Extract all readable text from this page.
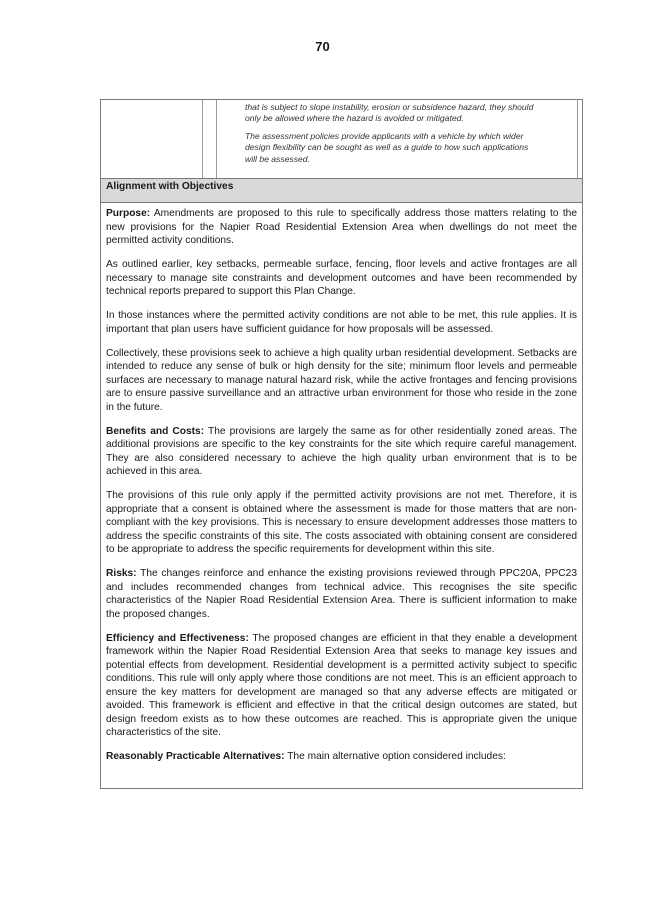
70

that is subject to slope instability, erosion or subsidence hazard, they should only be allowed where the hazard is avoided or mitigated.

The assessment policies provide applicants with a vehicle by which wider design flexibility can be sought as well as a guide to how such applications will be assessed.

Alignment with Objectives

Purpose: Amendments are proposed to this rule to specifically address those matters relating to the new provisions for the Napier Road Residential Extension Area when dwellings do not meet the permitted activity conditions.

As outlined earlier, key setbacks, permeable surface, fencing, floor levels and active frontages are all necessary to manage site constraints and development outcomes and have been recommended by technical reports prepared to support this Plan Change.

In those instances where the permitted activity conditions are not able to be met, this rule applies. It is important that plan users have sufficient guidance for how proposals will be assessed.

Collectively, these provisions seek to achieve a high quality urban residential development. Setbacks are intended to reduce any sense of bulk or high density for the site; minimum floor levels and permeable surfaces are necessary to manage natural hazard risk, while the active frontages and fencing provisions are to ensure passive surveillance and an attractive urban environment for those who reside in the zone in the future.

Benefits and Costs: The provisions are largely the same as for other residentially zoned areas. The additional provisions are specific to the key constraints for the site which require careful management. They are also considered necessary to achieve the high quality urban environment that is to be achieved in this area.

The provisions of this rule only apply if the permitted activity provisions are not met. Therefore, it is appropriate that a consent is obtained where the assessment is made for those matters that are non-compliant with the key provisions. This is necessary to ensure development addresses those matters to address the specific constraints of this site. The costs associated with obtaining consent are considered to be appropriate to address the specific requirements for development within this site.

Risks: The changes reinforce and enhance the existing provisions reviewed through PPC20A, PPC23 and includes recommended changes from technical advice. This recognises the site specific characteristics of the Napier Road Residential Extension Area. There is sufficient information to make the proposed changes.

Efficiency and Effectiveness: The proposed changes are efficient in that they enable a development framework within the Napier Road Residential Extension Area that seeks to manage key issues and potential effects from development. Residential development is a permitted activity subject to specific conditions. This rule will only apply where those conditions are not meet. This is an efficient approach to ensure the key matters for development are managed so that any adverse effects are mitigated or avoided. This framework is efficient and effective in that the critical design outcomes are stated, but design freedom exists as to how these outcomes are reached. This is appropriate given the unique characteristics of the site.

Reasonably Practicable Alternatives: The main alternative option considered includes:
